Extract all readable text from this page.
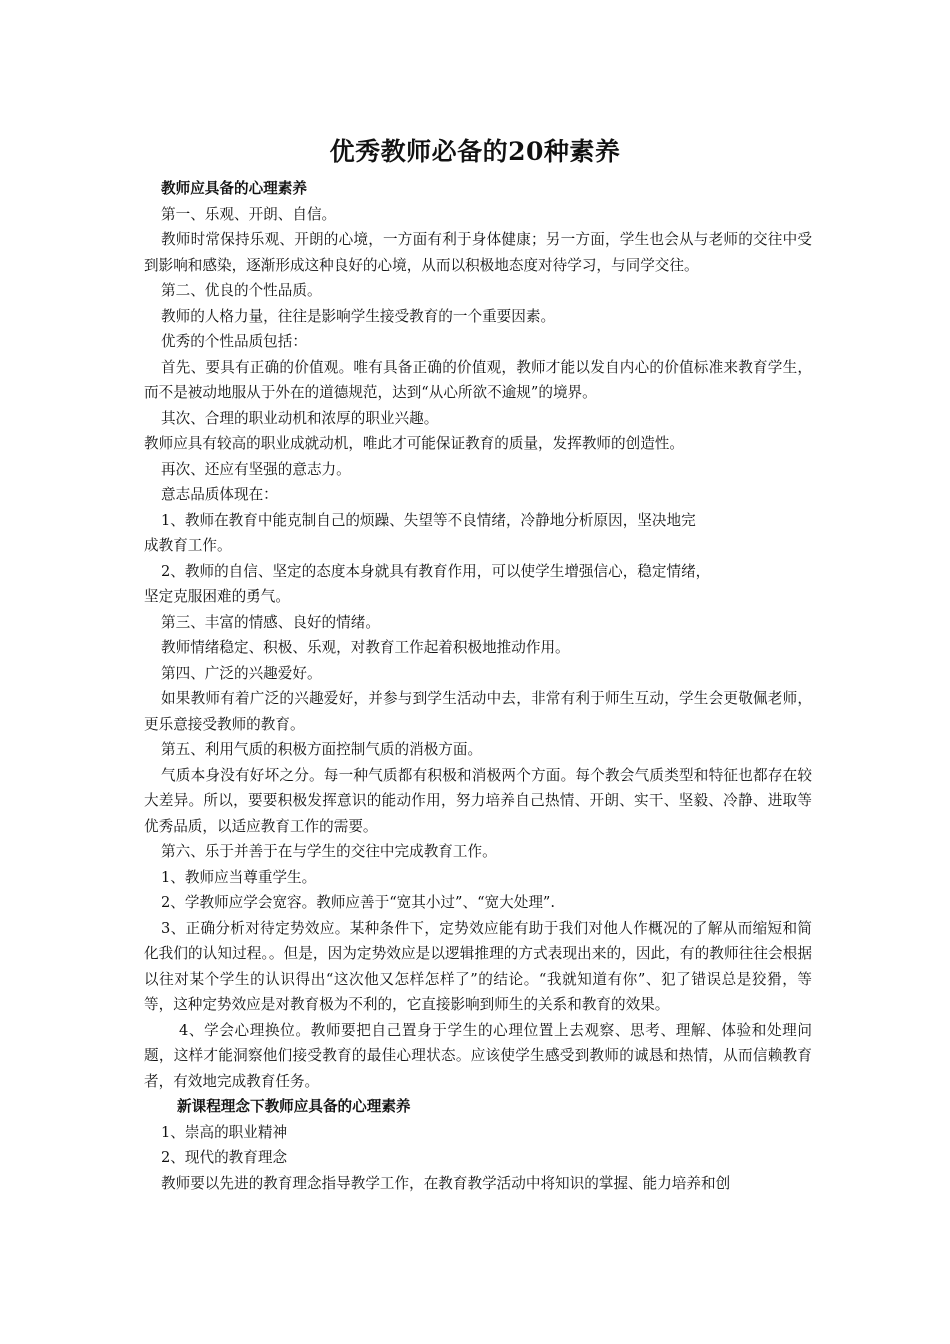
优秀教师必备的20种素养

教师应具备的心理素养

第一、乐观、开朗、自信。

教师时常保持乐观、开朗的心境，一方面有利于身体健康；另一方面，学生也会从与老师的交往中受到影响和感染，逐渐形成这种良好的心境，从而以积极地态度对待学习，与同学交往。

第二、优良的个性品质。

教师的人格力量，往往是影响学生接受教育的一个重要因素。

优秀的个性品质包括：

首先、要具有正确的价值观。唯有具备正确的价值观，教师才能以发自内心的价值标准来教育学生，而不是被动地服从于外在的道德规范，达到“从心所欲不逾规”的境界。

其次、合理的职业动机和浓厚的职业兴趣。

教师应具有较高的职业成就动机，唯此才可能保证教育的质量，发挥教师的创造性。

再次、还应有坚强的意志力。

意志品质体现在：

1、教师在教育中能克制自己的烦躁、失望等不良情绪，冷静地分析原因，坚决地完

成教育工作。

2、教师的自信、坚定的态度本身就具有教育作用，可以使学生增强信心，稳定情绪，

坚定克服困难的勇气。

第三、丰富的情感、良好的情绪。

教师情绪稳定、积极、乐观，对教育工作起着积极地推动作用。

第四、广泛的兴趣爱好。

如果教师有着广泛的兴趣爱好，并参与到学生活动中去，非常有利于师生互动，学生会更敬佩老师，更乐意接受教师的教育。

第五、利用气质的积极方面控制气质的消极方面。

气质本身没有好坏之分。每一种气质都有积极和消极两个方面。每个教会气质类型和特征也都存在较大差异。所以，要要积极发挥意识的能动作用，努力培养自己热情、开朗、实干、坚毅、冷静、进取等优秀品质，以适应教育工作的需要。

第六、乐于并善于在与学生的交往中完成教育工作。

1、教师应当尊重学生。

2、学教师应学会宽容。教师应善于“宽其小过”、“宽大处理”.

3、正确分析对待定势效应。某种条件下，定势效应能有助于我们对他人作概况的了解从而缩短和简化我们的认知过程。。但是，因为定势效应是以逻辑推理的方式表现出来的，因此，有的教师往往会根据以往对某个学生的认识得出“这次他又怎样怎样了”的结论。“我就知道有你”、犯了错误总是狡猾，等等，这种定势效应是对教育极为不利的，它直接影响到师生的关系和教育的效果。

4、学会心理换位。教师要把自己置身于学生的心理位置上去观察、思考、理解、体验和处理问题，这样才能洞察他们接受教育的最佳心理状态。应该使学生感受到教师的诚恳和热情，从而信赖教育者，有效地完成教育任务。

新课程理念下教师应具备的心理素养

1、崇高的职业精神

2、现代的教育理念

教师要以先进的教育理念指导教学工作，在教育教学活动中将知识的掌握、能力培养和创
